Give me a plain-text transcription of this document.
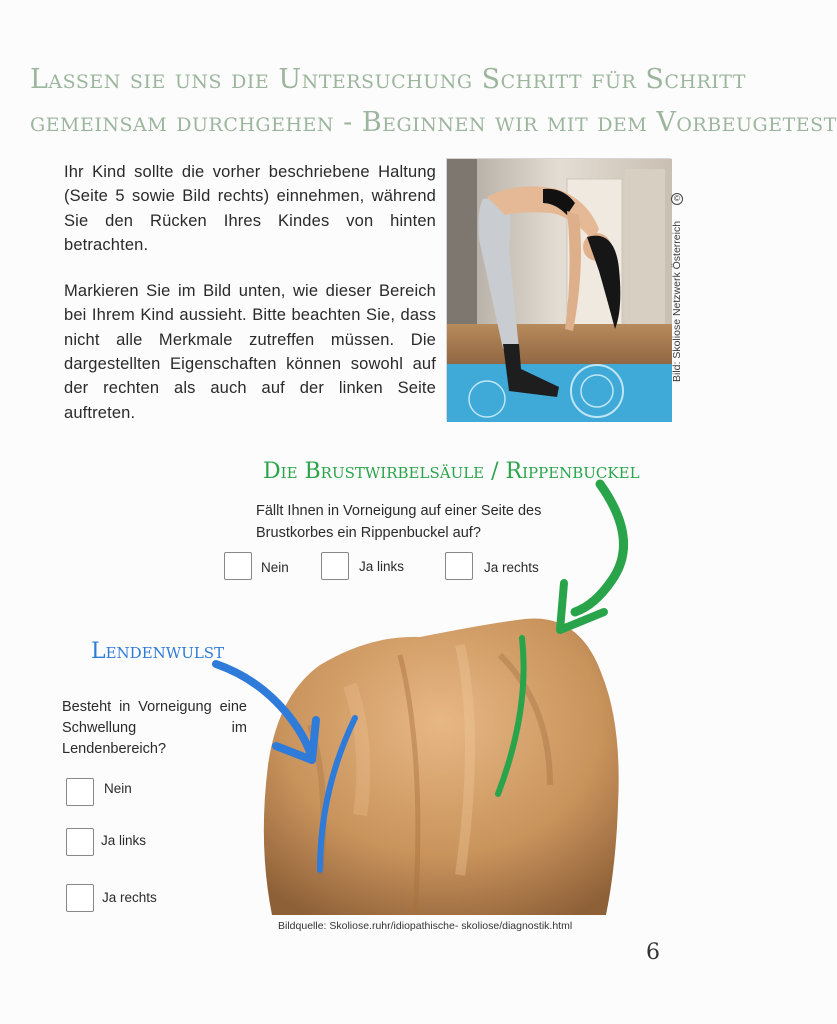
Lassen sie uns die Untersuchung Schritt für Schritt
gemeinsam durchgehen - Beginnen wir mit dem Vorbeugetest

Ihr Kind sollte die vorher beschriebene Haltung (Seite 5 sowie Bild rechts) einnehmen, während Sie den Rücken Ihres Kindes von hinten betrachten.

Markieren Sie im Bild unten, wie dieser Bereich bei Ihrem Kind aussieht. Bitte beachten Sie, dass nicht alle Merkmale zutreffen müssen. Die dargestellten Eigenschaften können sowohl auf der rechten als auch auf der linken Seite auftreten.

©
Bild: Skoliose Netzwerk Österreich
Die Brustwirbelsäule / Rippenbuckel
Fällt Ihnen in Vorneigung auf einer Seite des Brustkorbes ein Rippenbuckel auf?
Nein	Ja links	Ja rechts
Lendenwulst
Besteht in Vorneigung eine Schwellung im Lendenbereich?
Nein
Ja links
Ja rechts
Bildquelle: Skoliose.ruhr/idiopathische- skoliose/diagnostik.html
6
